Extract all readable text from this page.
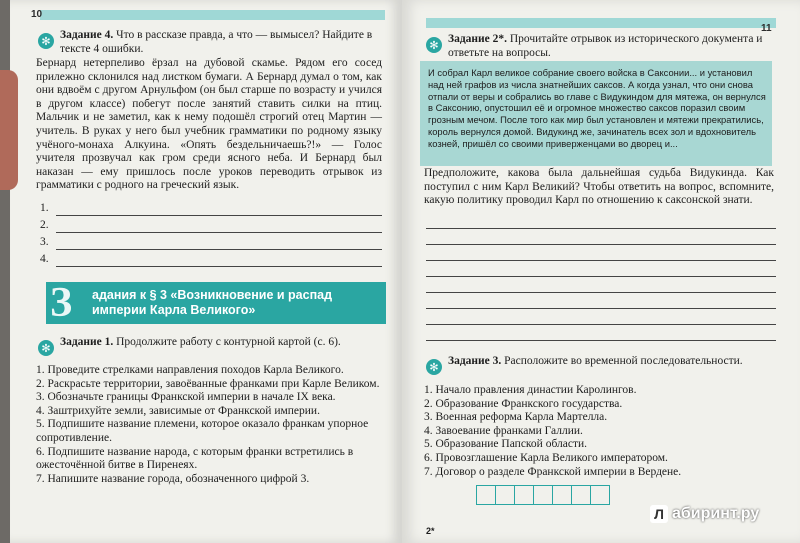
10
✻ Задание 4. Что в рассказе правда, а что — вымысел? Найдите в тексте 4 ошибки.
Бернард нетерпеливо ёрзал на дубовой скамье. Рядом его сосед прилежно склонился над листком бумаги. А Бернард думал о том, как они вдвоём с другом Арнульфом (он был старше по возрасту и учился в другом классе) побегут после занятий ставить силки на птиц. Мальчик и не заметил, как к нему подошёл строгий отец Мартин — учитель. В руках у него был учебник грамматики по родному языку учёного-монаха Алкуина. «Опять бездельничаешь?!» — Голос учителя прозвучал как гром среди ясного неба. И Бернард был наказан — ему пришлось после уроков переводить отрывок из грамматики с родного на греческий язык.
1.
2.
3.
4.
З	адания к § 3 «Возникновение и распад империи Карла Великого»
✻ Задание 1. Продолжите работу с контурной картой (с. 6).
1. Проведите стрелками направления походов Карла Великого.
2. Раскрасьте территории, завоёванные франками при Карле Великом.
3. Обозначьте границы Франкской империи в начале IX века.
4. Заштрихуйте земли, зависимые от Франкской империи.
5. Подпишите название племени, которое оказало франкам упорное сопротивление.
6. Подпишите название народа, с которым франки встретились в ожесточённой битве в Пиренеях.
7. Напишите название города, обозначенного цифрой 3.
11
✻ Задание 2*. Прочитайте отрывок из исторического документа и ответьте на вопросы.
Предположите, какова была дальнейшая судьба Видукинда. Как поступил с ним Карл Великий? Чтобы ответить на вопрос, вспомните, какую политику проводил Карл по отношению к саксонской знати.
✻ Задание 3. Расположите во временной последовательности.
1. Начало правления династии Каролингов.
2. Образование Франкского государства.
3. Военная реформа Карла Мартелла.
4. Завоевание франками Галлии.
5. Образование Папской области.
6. Провозглашение Карла Великого императором.
7. Договор о разделе Франкской империи в Вердене.
2*
И собрал Карл великое собрание своего войска в Саксонии... и установил над ней графов из числа знатнейших саксов. А когда узнал, что они снова отпали от веры и собрались во главе с Видукиндом для мятежа, он вернулся в Саксонию, опустошил её и огромное множество саксов поразил своим грозным мечом. После того как мир был установлен и мятежи прекратились, король вернулся домой. Видукинд же, зачинатель всех зол и вдохновитель козней, пришёл со своими приверженцами во дворец и...
Л абиринт.ру
